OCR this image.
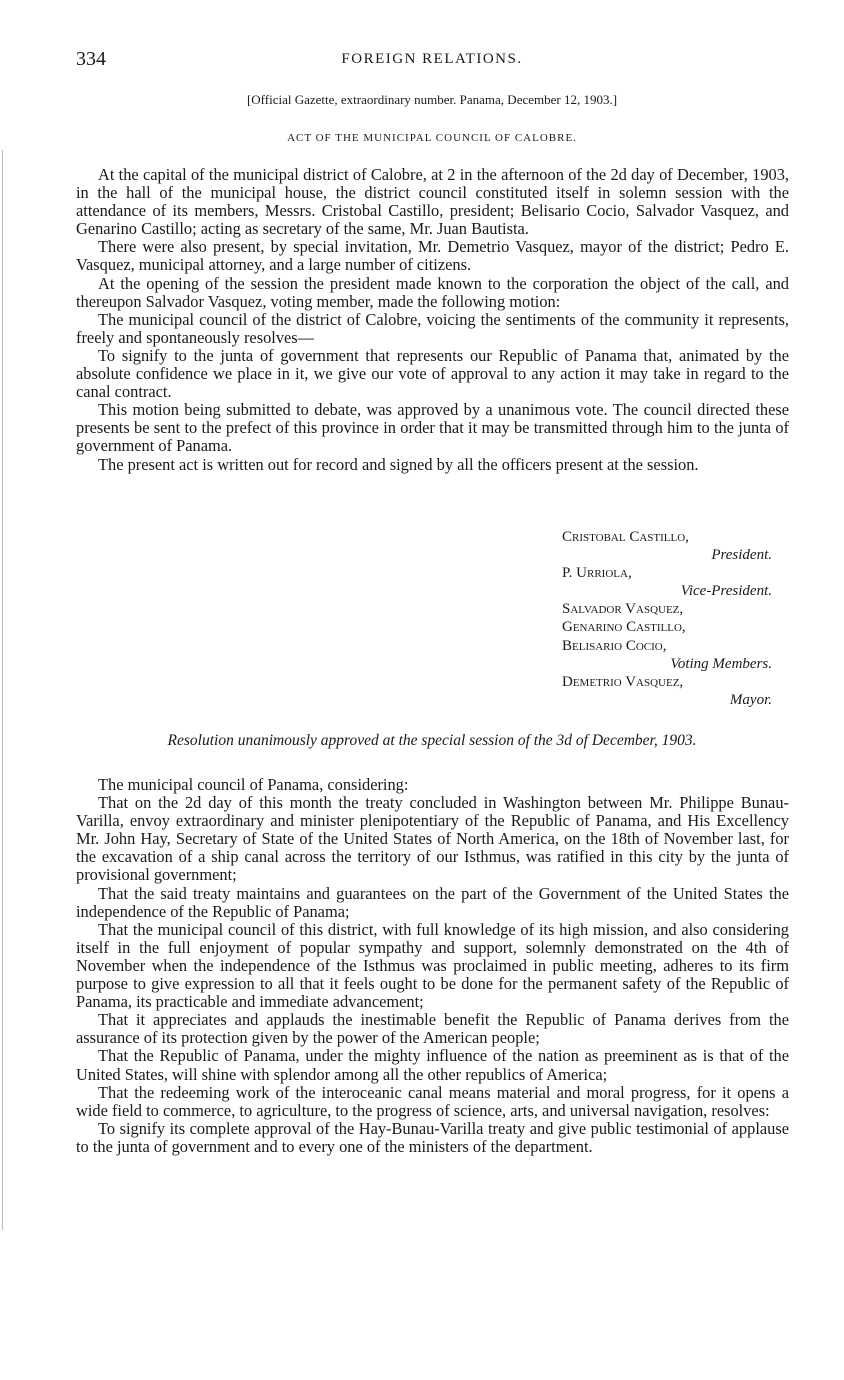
334	FOREIGN RELATIONS.
[Official Gazette, extraordinary number. Panama, December 12, 1903.]
ACT OF THE MUNICIPAL COUNCIL OF CALOBRE.

At the capital of the municipal district of Calobre, at 2 in the afternoon of the 2d day of December, 1903, in the hall of the municipal house, the district council constituted itself in solemn session with the attendance of its members, Messrs. Cristobal Castillo, president; Belisario Cocio, Salvador Vasquez, and Genarino Castillo; acting as secretary of the same, Mr. Juan Bautista.

There were also present, by special invitation, Mr. Demetrio Vasquez, mayor of the district; Pedro E. Vasquez, municipal attorney, and a large number of citizens.

At the opening of the session the president made known to the corporation the object of the call, and thereupon Salvador Vasquez, voting member, made the following motion:

The municipal council of the district of Calobre, voicing the sentiments of the community it represents, freely and spontaneously resolves—

To signify to the junta of government that represents our Republic of Panama that, animated by the absolute confidence we place in it, we give our vote of approval to any action it may take in regard to the canal contract.

This motion being submitted to debate, was approved by a unanimous vote. The council directed these presents be sent to the prefect of this province in order that it may be transmitted through him to the junta of government of Panama.

The present act is written out for record and signed by all the officers present at the session.

Cristobal Castillo,
President.
P. Urriola,
Vice-President.
Salvador Vasquez,
Genarino Castillo,
Belisario Cocio,
Voting Members.
Demetrio Vasquez,
Mayor.
Resolution unanimously approved at the special session of the 3d of December, 1903.

The municipal council of Panama, considering:

That on the 2d day of this month the treaty concluded in Washington between Mr. Philippe Bunau-Varilla, envoy extraordinary and minister plenipotentiary of the Republic of Panama, and His Excellency Mr. John Hay, Secretary of State of the United States of North America, on the 18th of November last, for the excavation of a ship canal across the territory of our Isthmus, was ratified in this city by the junta of provisional government;

That the said treaty maintains and guarantees on the part of the Government of the United States the independence of the Republic of Panama;

That the municipal council of this district, with full knowledge of its high mission, and also considering itself in the full enjoyment of popular sympathy and support, solemnly demonstrated on the 4th of November when the independence of the Isthmus was proclaimed in public meeting, adheres to its firm purpose to give expression to all that it feels ought to be done for the permanent safety of the Republic of Panama, its practicable and immediate advancement;

That it appreciates and applauds the inestimable benefit the Republic of Panama derives from the assurance of its protection given by the power of the American people;

That the Republic of Panama, under the mighty influence of the nation as preeminent as is that of the United States, will shine with splendor among all the other republics of America;

That the redeeming work of the interoceanic canal means material and moral progress, for it opens a wide field to commerce, to agriculture, to the progress of science, arts, and universal navigation, resolves:

To signify its complete approval of the Hay-Bunau-Varilla treaty and give public testimonial of applause to the junta of government and to every one of the ministers of the department.
